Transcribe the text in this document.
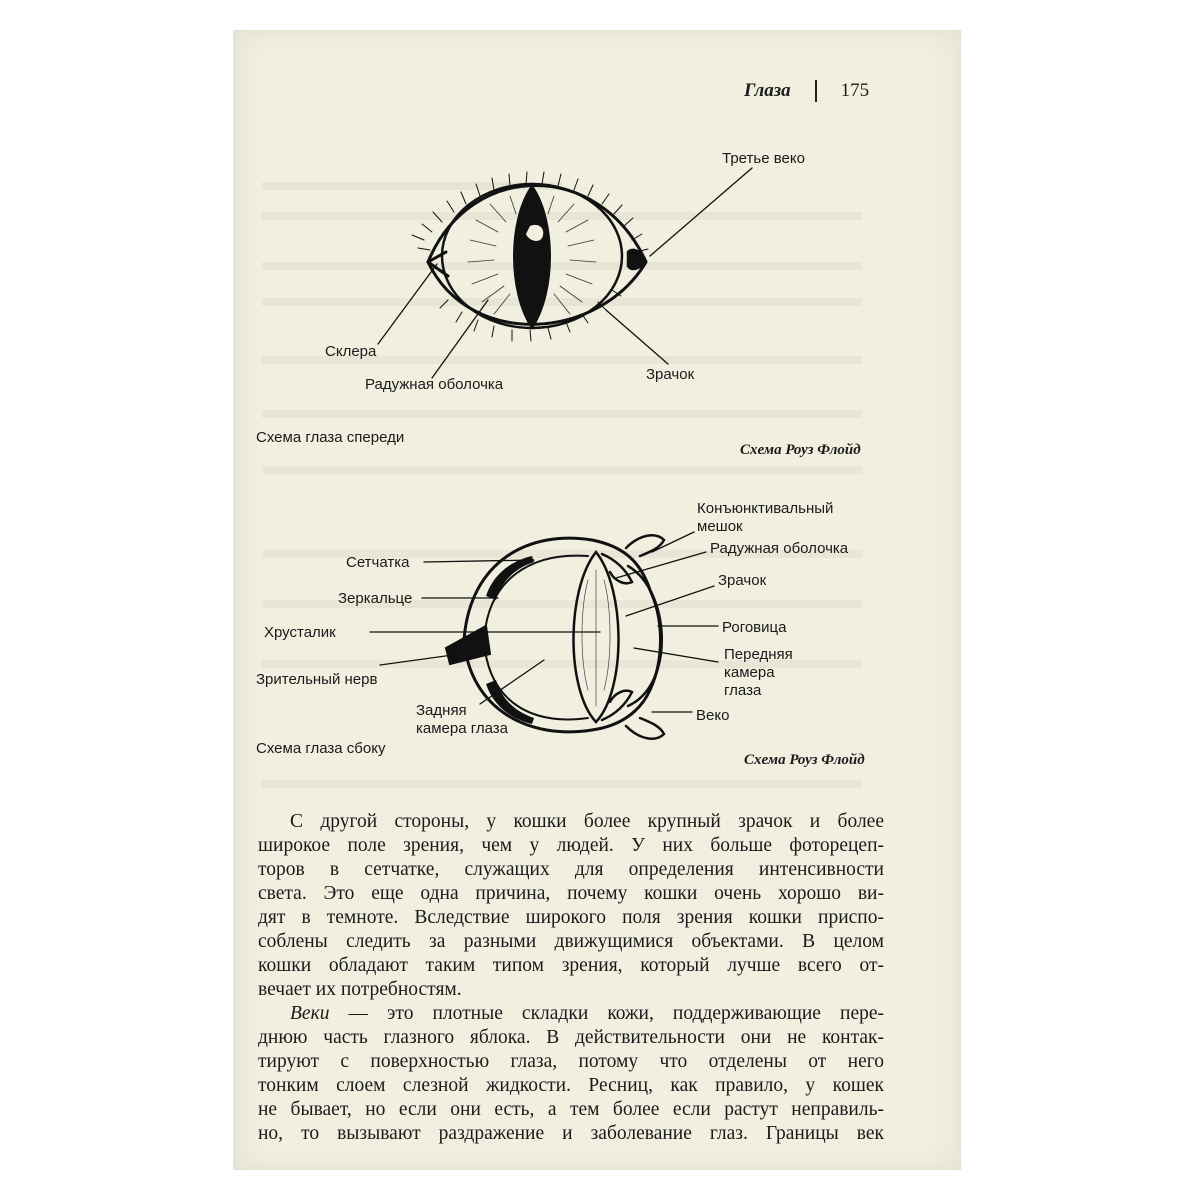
Глаза	175
Третье веко
Склера
Радужная оболочка
Зрачок
Схема глаза спереди
Схема Роуз Флойд
Конъюнктивальный
мешок
Радужная оболочка
Зрачок
Роговица
Передняя
камера
глаза
Веко
Сетчатка
Зеркальце
Хрусталик
Зрительный нерв
Задняя
камера глаза
Схема глаза сбоку
Схема Роуз Флойд
С другой стороны, у кошки более крупный зрачок и более
широкое поле зрения, чем у людей. У них больше фоторецеп-
торов в сетчатке, служащих для определения интенсивности
света. Это еще одна причина, почему кошки очень хорошо ви-
дят в темноте. Вследствие широкого поля зрения кошки приспо-
соблены следить за разными движущимися объектами. В целом
кошки обладают таким типом зрения, который лучше всего от-
вечает их потребностям.
Веки — это плотные складки кожи, поддерживающие пере-
днюю часть глазного яблока. В действительности они не контак-
тируют с поверхностью глаза, потому что отделены от него
тонким слоем слезной жидкости. Ресниц, как правило, у кошек
не бывает, но если они есть, а тем более если растут неправиль-
но, то вызывают раздражение и заболевание глаз. Границы век
